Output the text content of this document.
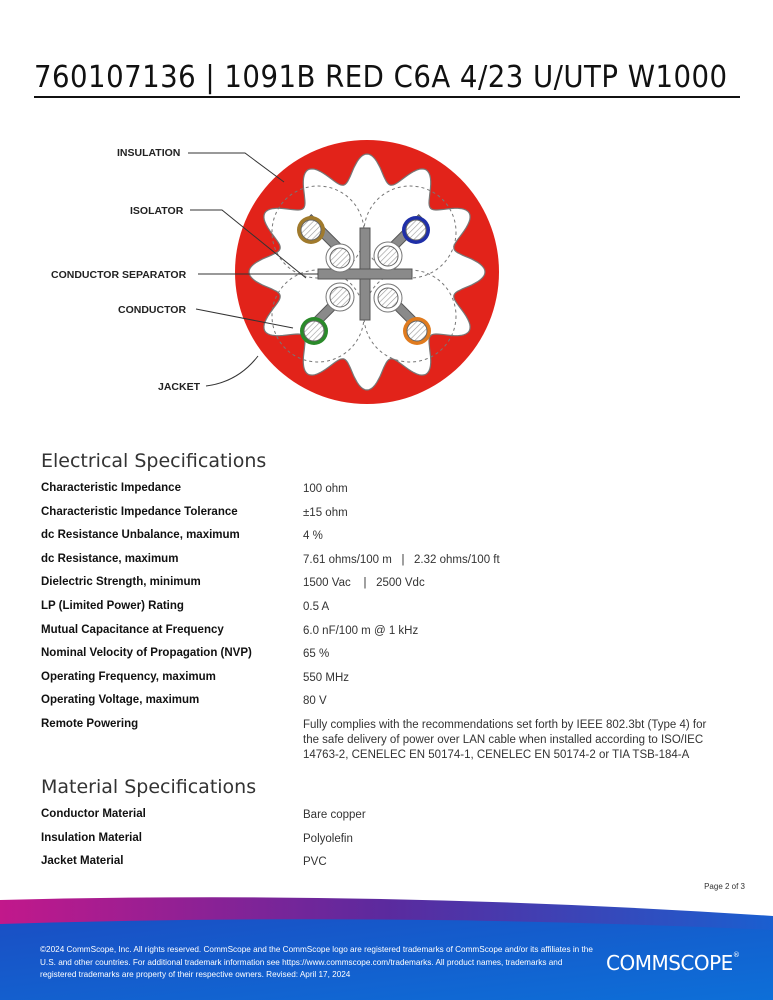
760107136 | 1091B RED C6A 4/23 U/UTP W1000
INSULATION
ISOLATOR
CONDUCTOR SEPARATOR
CONDUCTOR
JACKET
Electrical Specifications
Characteristic Impedance	100 ohm
Characteristic Impedance Tolerance	±15 ohm
dc Resistance Unbalance, maximum	4 %
dc Resistance, maximum	7.61 ohms/100 m   |   2.32 ohms/100 ft
Dielectric Strength, minimum	1500 Vac    |   2500 Vdc
LP (Limited Power) Rating	0.5 A
Mutual Capacitance at Frequency	6.0 nF/100 m @ 1 kHz
Nominal Velocity of Propagation (NVP)	65 %
Operating Frequency, maximum	550 MHz
Operating Voltage, maximum	80 V
Remote Powering	Fully complies with the recommendations set forth by IEEE 802.3bt (Type 4) for the safe delivery of power over LAN cable when installed according to ISO/IEC 14763-2, CENELEC EN 50174-1, CENELEC EN 50174-2 or TIA TSB-184-A
Material Specifications
Conductor Material	Bare copper
Insulation Material	Polyolefin
Jacket Material	PVC
Page 2 of 3
©2024 CommScope, Inc. All rights reserved. CommScope and the CommScope logo are registered trademarks of CommScope and/or its affiliates in the U.S. and other countries. For additional trademark information see https://www.commscope.com/trademarks. All product names, trademarks and registered trademarks are property of their respective owners. Revised: April 17, 2024	COMMSCOPE®
